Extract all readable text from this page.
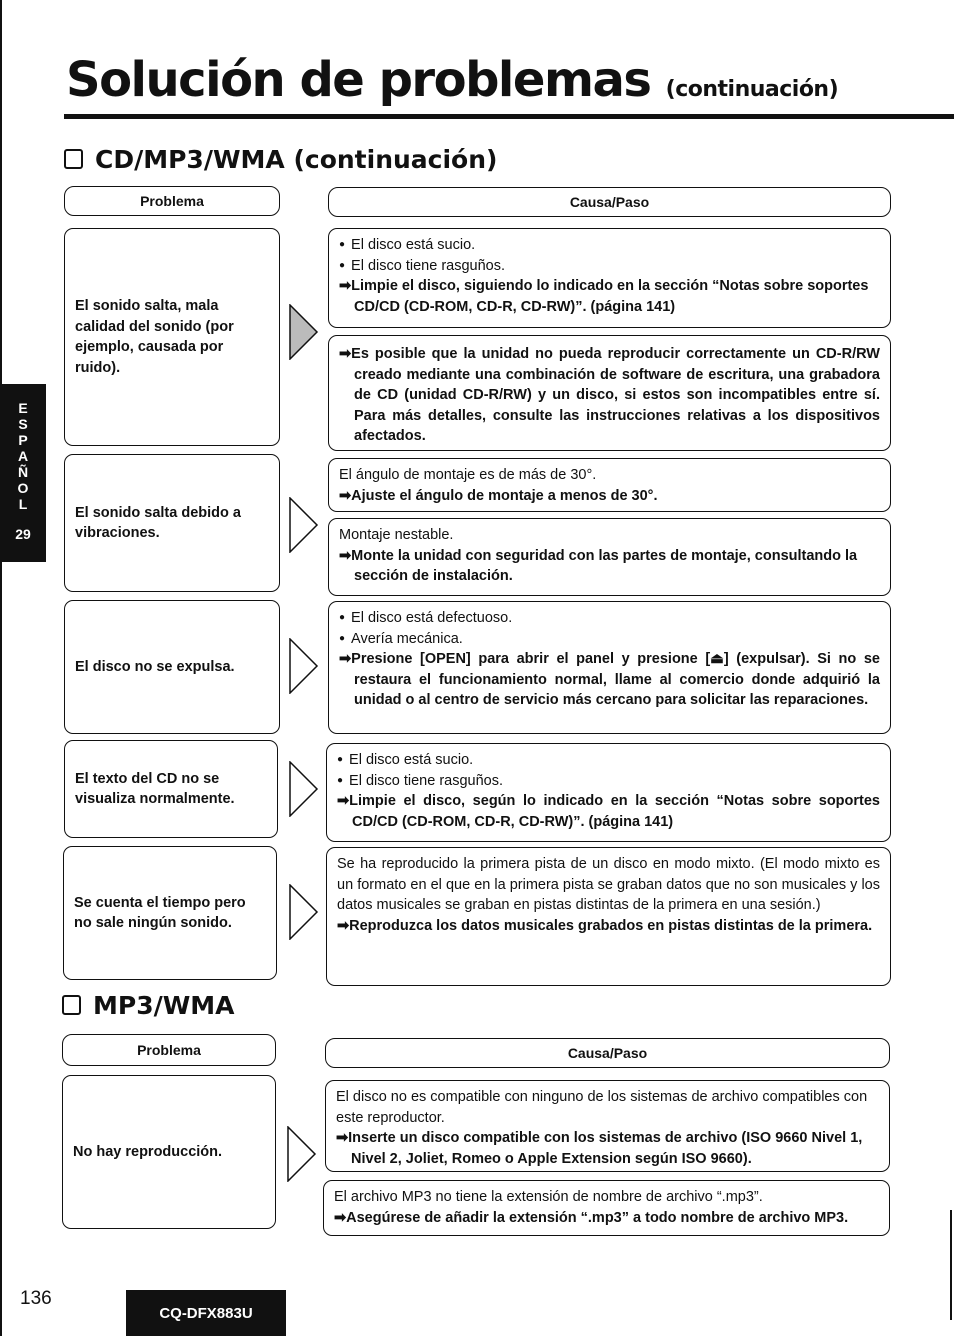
Solución de problemas (continuación)
CD/MP3/WMA (continuación)
Problema	Causa/Paso
El sonido salta, mala calidad del sonido (por ejemplo, causada por ruido).

● El disco está sucio.

● El disco tiene rasguños.

➡Limpie el disco, siguiendo lo indicado en la sección “Notas sobre soportes CD/CD (CD-ROM, CD-R, CD-RW)”. (página 141)

➡Es posible que la unidad no pueda reproducir correctamente un CD-R/RW creado mediante una combinación de software de escritura, una grabadora de CD (unidad CD-R/RW) y un disco, si estos son incompatibles entre sí. Para más detalles, consulte las instrucciones relativas a los dispositivos afectados.

El sonido salta debido a vibraciones.

El ángulo de montaje es de más de 30°.

➡Ajuste el ángulo de montaje a menos de 30°.

Montaje nestable.

➡Monte la unidad con seguridad con las partes de montaje, consultando la sección de instalación.

El disco no se expulsa.

● El disco está defectuoso.

● Avería mecánica.

➡Presione [OPEN] para abrir el panel y presione [⏏] (expulsar). Si no se restaura el funcionamiento normal, llame al comercio donde adquirió la unidad o al centro de servicio más cercano para solicitar las reparaciones.

El texto del CD no se visualiza normalmente.

● El disco está sucio.

● El disco tiene rasguños.

➡Limpie el disco, según lo indicado en la sección “Notas sobre soportes CD/CD (CD-ROM, CD-R, CD-RW)”. (página 141)

Se cuenta el tiempo pero no sale ningún sonido.

Se ha reproducido la primera pista de un disco en modo mixto. (El modo mixto es un formato en el que en la primera pista se graban datos que no son musicales y los datos musicales se graban en pistas distintas de la primera en una sesión.)

➡Reproduzca los datos musicales grabados en pistas distintas de la primera.

MP3/WMA
Problema	Causa/Paso
No hay reproducción.

El disco no es compatible con ninguno de los sistemas de archivo compatibles con este reproductor.

➡Inserte un disco compatible con los sistemas de archivo (ISO 9660 Nivel 1, Nivel 2, Joliet, Romeo o Apple Extension según ISO 9660).

El archivo MP3 no tiene la extensión de nombre de archivo “.mp3”.

➡Asegúrese de añadir la extensión “.mp3” a todo nombre de archivo MP3.

E
S
P
A
Ñ
O
L
29
136
CQ-DFX883U
